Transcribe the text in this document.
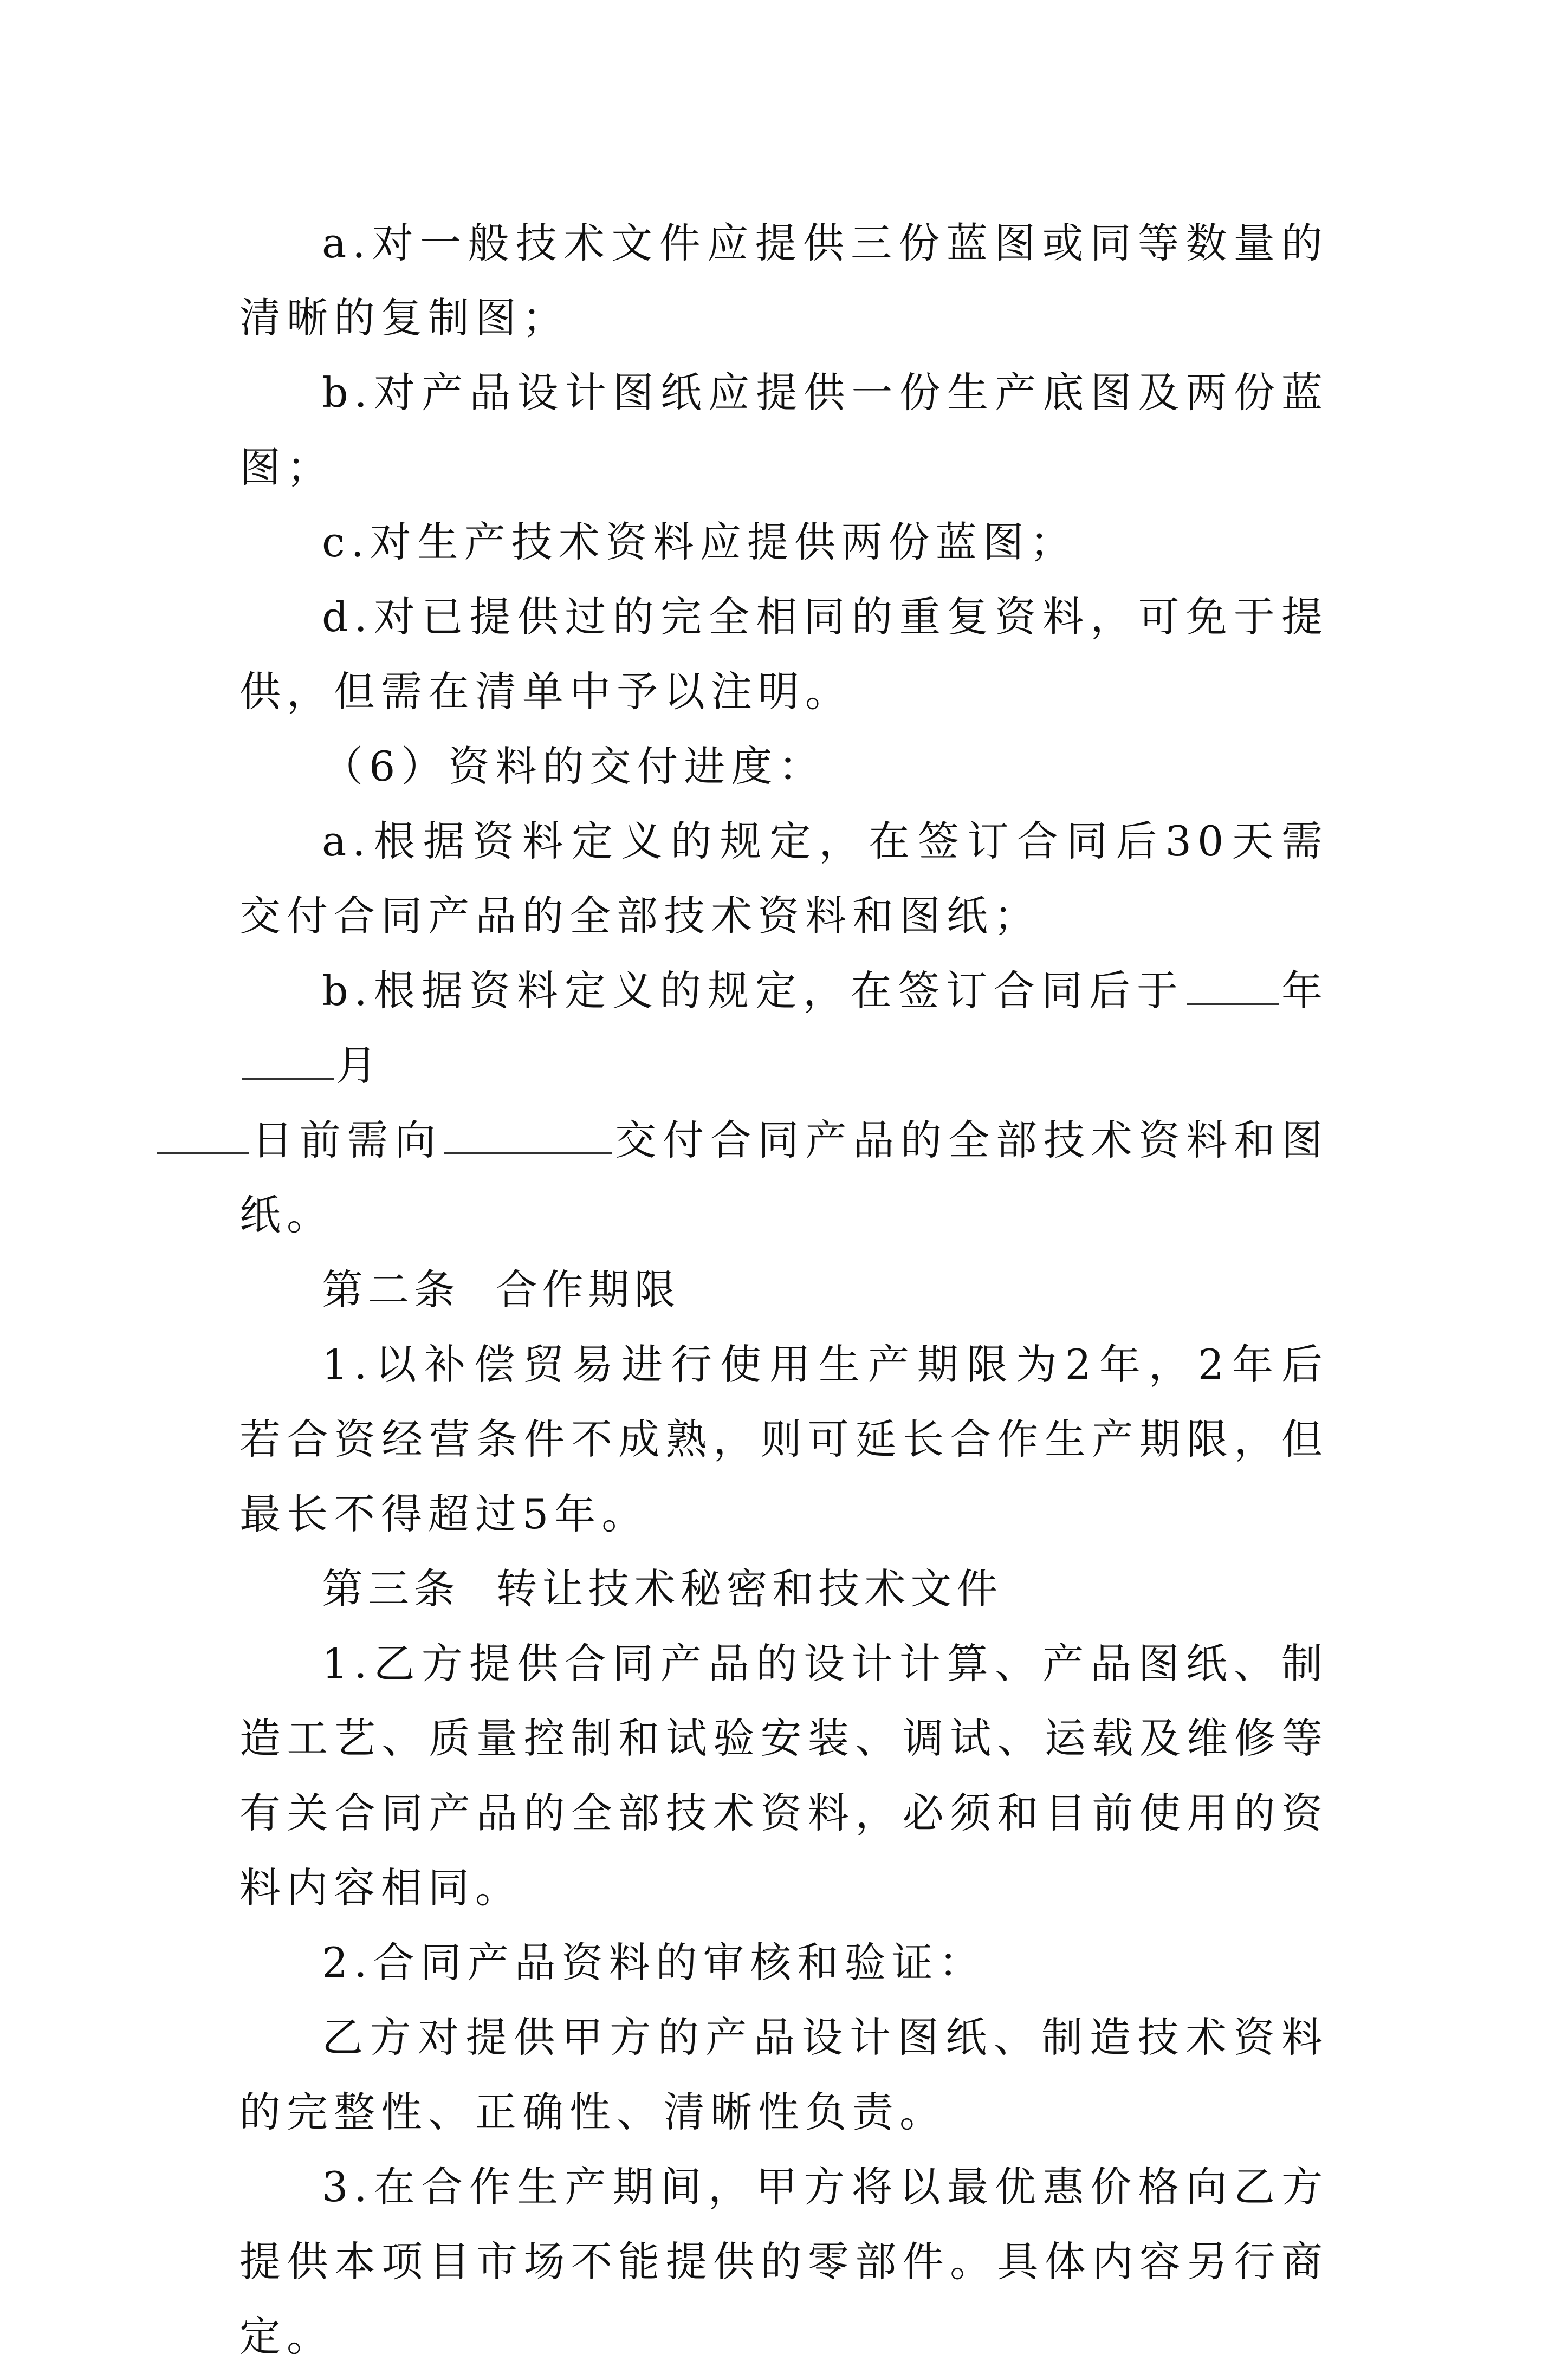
a.对一般技术文件应提供三份蓝图或同等数量的清晰的复制图；

b.对产品设计图纸应提供一份生产底图及两份蓝图；

c.对生产技术资料应提供两份蓝图；

d.对已提供过的完全相同的重复资料，可免于提供，但需在清单中予以注明。

（6）资料的交付进度：

a.根据资料定义的规定，在签订合同后30天需交付合同产品的全部技术资料和图纸；

b.根据资料定义的规定，在签订合同后于 年月
日前需向	交付合同产品的全部技术资料和图纸。

第二条  合作期限

1.以补偿贸易进行使用生产期限为2年，2年后若合资经营条件不成熟，则可延长合作生产期限，但最长不得超过5年。

第三条  转让技术秘密和技术文件

1.乙方提供合同产品的设计计算、产品图纸、制造工艺、质量控制和试验安装、调试、运载及维修等有关合同产品的全部技术资料，必须和目前使用的资料内容相同。

2.合同产品资料的审核和验证：

乙方对提供甲方的产品设计图纸、制造技术资料的完整性、正确性、清晰性负责。

3.在合作生产期间，甲方将以最优惠价格向乙方提供本项目市场不能提供的零部件。具体内容另行商定。
